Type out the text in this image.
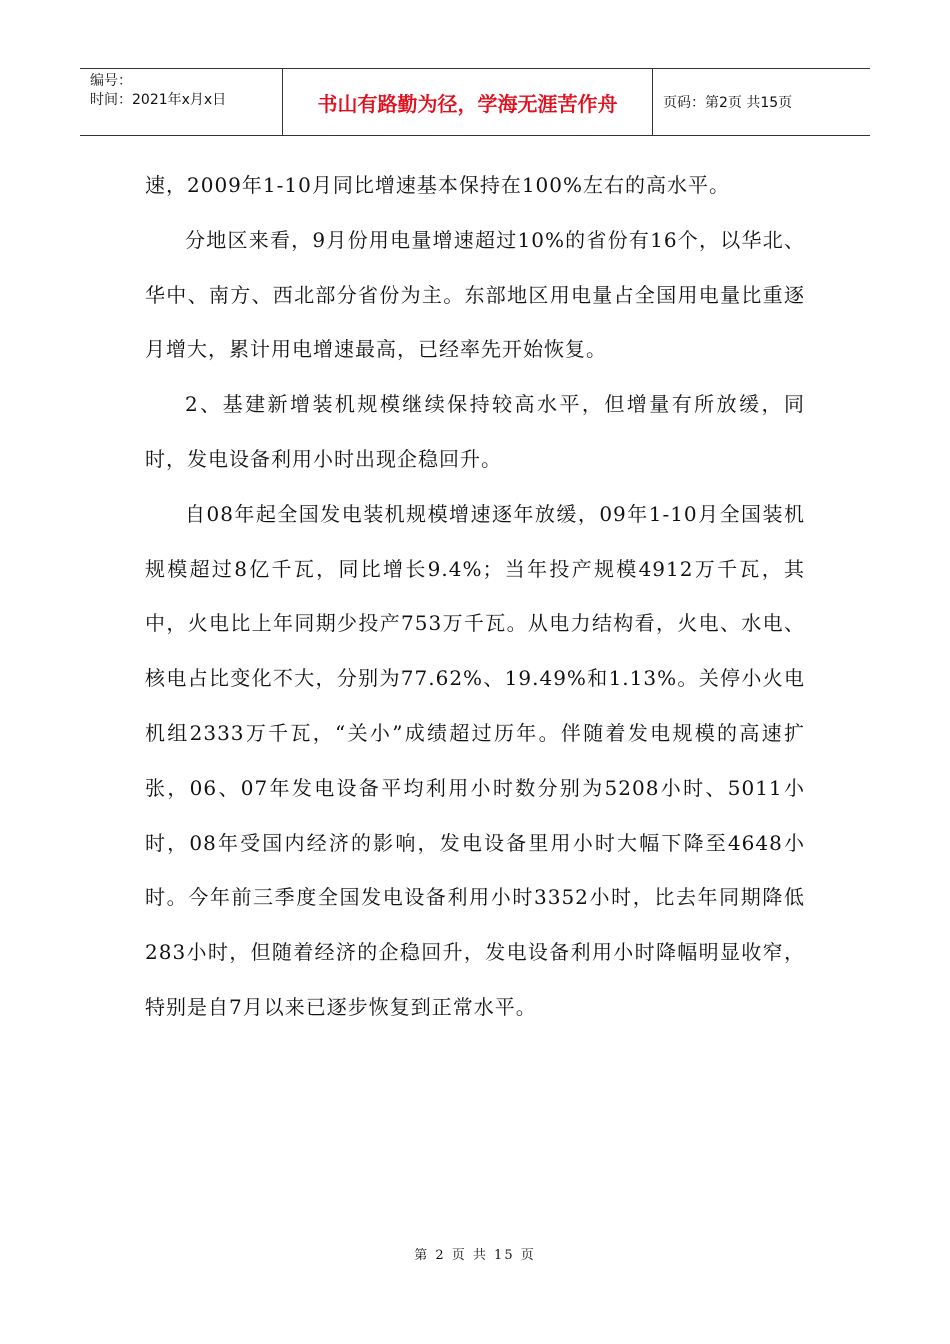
编号：
时间：2021年x月x日	书山有路勤为径，学海无涯苦作舟	页码：第2页 共15页

速，2009年1-10月同比增速基本保持在100%左右的高水平。

分地区来看，9月份用电量增速超过10%的省份有16个，以华北、华中、南方、西北部分省份为主。东部地区用电量占全国用电量比重逐月增大，累计用电增速最高，已经率先开始恢复。

2、基建新增装机规模继续保持较高水平，但增量有所放缓，同时，发电设备利用小时出现企稳回升。

自08年起全国发电装机规模增速逐年放缓，09年1-10月全国装机规模超过8亿千瓦，同比增长9.4%；当年投产规模4912万千瓦，其中，火电比上年同期少投产753万千瓦。从电力结构看，火电、水电、核电占比变化不大，分别为77.62%、19.49%和1.13%。关停小火电机组2333万千瓦，“关小”成绩超过历年。伴随着发电规模的高速扩张，06、07年发电设备平均利用小时数分别为5208小时、5011小时，08年受国内经济的影响，发电设备里用小时大幅下降至4648小时。今年前三季度全国发电设备利用小时3352小时，比去年同期降低283小时，但随着经济的企稳回升，发电设备利用小时降幅明显收窄，特别是自7月以来已逐步恢复到正常水平。

第 2 页 共 15 页
